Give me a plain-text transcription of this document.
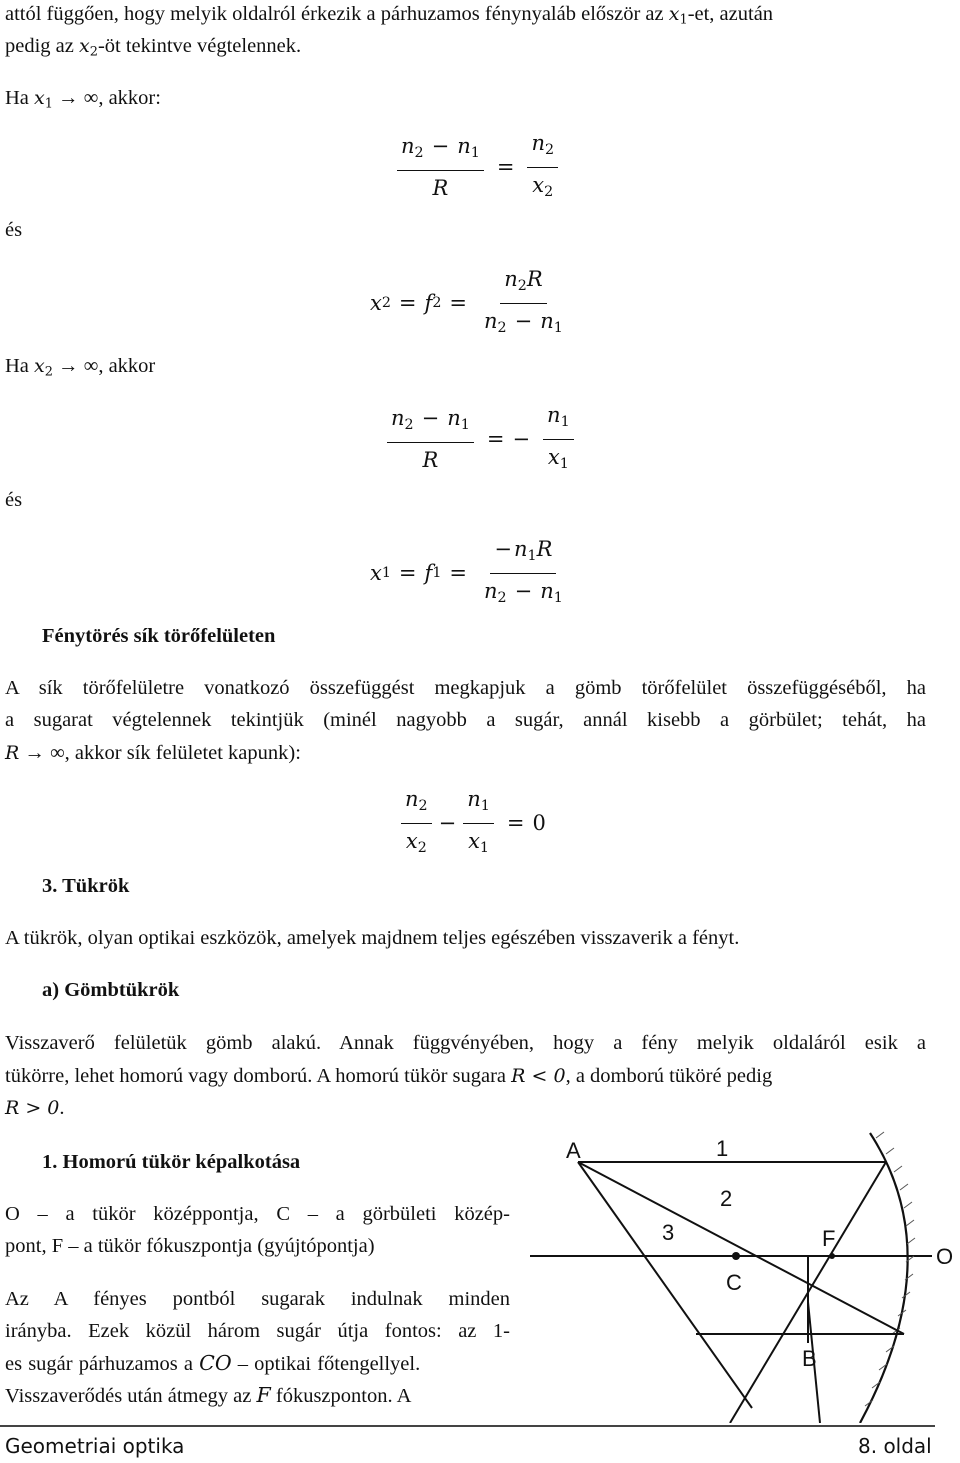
attól függően, hogy melyik oldalról érkezik a párhuzamos fénynyaláb először az $x_1-et$, azután
pedig az $x_2-öt$ tekintve végtelennek.
Ha $x_1$ → ∞, akkor:
$\frac{n_2 - n_1}{R} = \frac{n_2}{x_2}$
és
x 2 = f $2 = \frac{n_2R}{n_2 - n_1}$
Ha $x_2$ → ∞, akkor
$\frac{n_2 - n_1}{R}$ = − $\frac{n_1}{x_1}$
és
x 1 = f $1 = \frac{-n_1R}{n_2 - n_1}$
Fénytörés sík törőfelületen
A sík törőfelületre vonatkozó összefüggést megkapjuk a gömb törőfelület összefüggéséből, ha
a sugarat végtelennek tekintjük (minél nagyobb a sugár, annál kisebb a görbület; tehát, ha
R → ∞, akkor sík felületet kapunk):
$\frac{n_2}{x_2} - \frac{n_1}{x_1} = 0$
3. Tükrök
A tükrök, olyan optikai eszközök, amelyek majdnem teljes egészében visszaverik a fényt.
a) Gömbtükrök
Visszaverő felületük gömb alakú. Annak függvényében, hogy a fény melyik oldaláról esik a
tükörre, lehet homorú vagy domború. A homorú tükör sugara R < 0, a domború tüköré pedig
R > 0.
1. Homorú tükör képalkotása
O – a tükör középpontja, C – a görbületi közép-
pont, F – a tükör fókuszpontja (gyújtópontja)
Az A fényes pontból sugarak indulnak minden
irányba. Ezek közül három sugár útja fontos: az 1-
es sugár párhuzamos a CO – optikai főtengellyel.
Visszaverődés után átmegy az F fókuszponton. A
A	1
2
3	F
C
O
B
Geometriai optika	8. oldal
